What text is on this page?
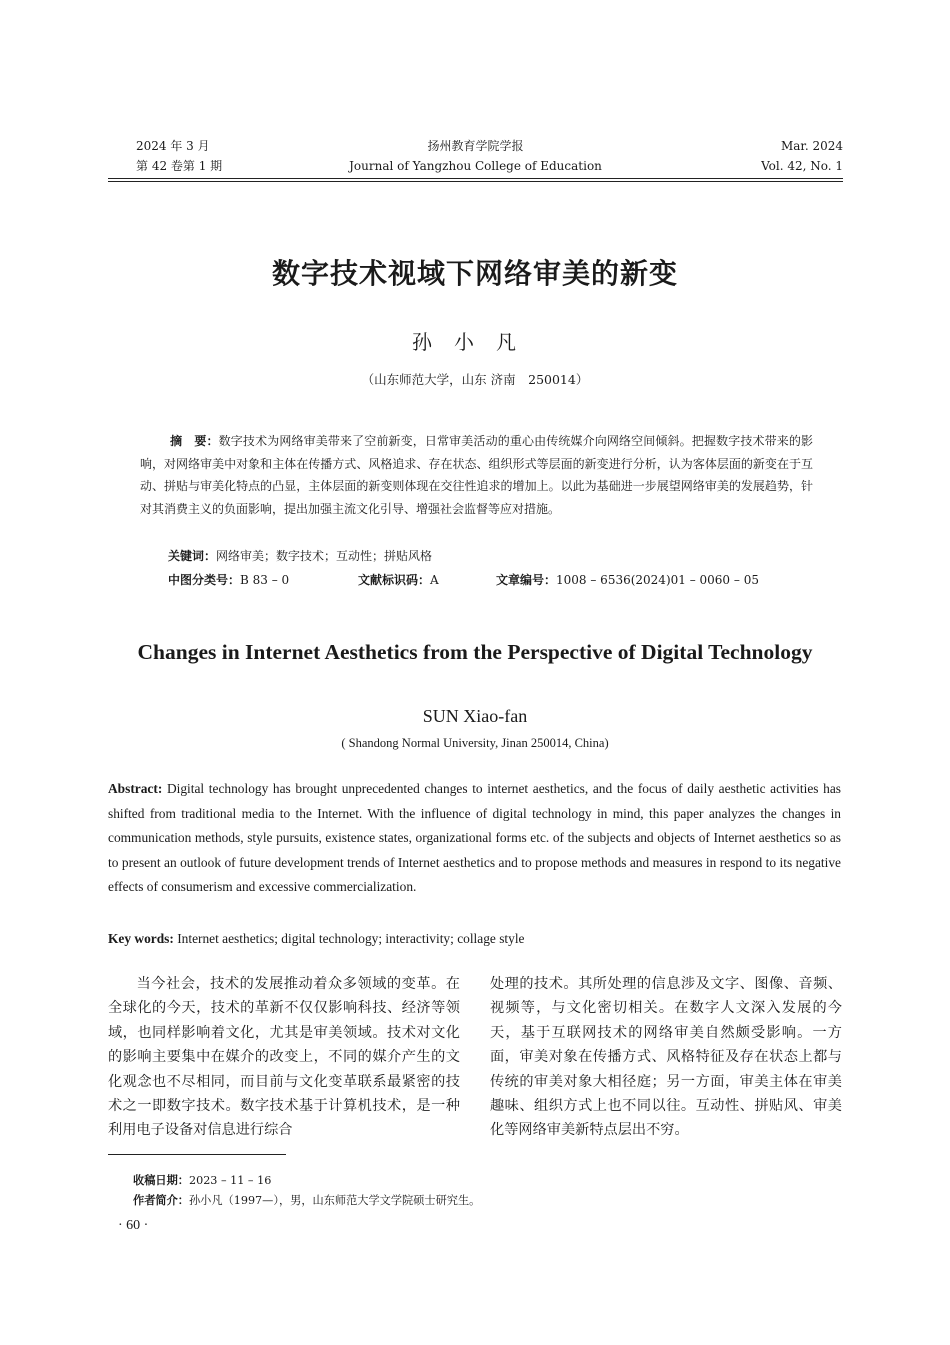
2024 年 3 月
第 42 卷第 1 期
扬州教育学院学报
Journal of Yangzhou College of Education
Mar. 2024
Vol. 42, No. 1
数字技术视域下网络审美的新变
孙小凡
（山东师范大学，山东 济南　250014）
摘　要：数字技术为网络审美带来了空前新变，日常审美活动的重心由传统媒介向网络空间倾斜。把握数字技术带来的影响，对网络审美中对象和主体在传播方式、风格追求、存在状态、组织形式等层面的新变进行分析，认为客体层面的新变在于互动、拼贴与审美化特点的凸显，主体层面的新变则体现在交往性追求的增加上。以此为基础进一步展望网络审美的发展趋势，针对其消费主义的负面影响，提出加强主流文化引导、增强社会监督等应对措施。
关键词：网络审美；数字技术；互动性；拼贴风格
中图分类号：B 83 – 0	文献标识码：A	文章编号：1008 – 6536(2024)01 – 0060 – 05
Changes in Internet Aesthetics from the Perspective of Digital Technology
SUN Xiao-fan
( Shandong Normal University, Jinan 250014, China)
Abstract: Digital technology has brought unprecedented changes to internet aesthetics, and the focus of daily aesthetic activities has shifted from traditional media to the Internet. With the influence of digital technology in mind, this paper analyzes the changes in communication methods, style pursuits, existence states, organizational forms etc. of the subjects and objects of Internet aesthetics so as to present an outlook of future development trends of Internet aesthetics and to propose methods and measures in respond to its negative effects of consumerism and excessive commercialization.
Key words: Internet aesthetics; digital technology; interactivity; collage style
当今社会，技术的发展推动着众多领域的变革。在全球化的今天，技术的革新不仅仅影响科技、经济等领域，也同样影响着文化，尤其是审美领域。技术对文化的影响主要集中在媒介的改变上，不同的媒介产生的文化观念也不尽相同，而目前与文化变革联系最紧密的技术之一即数字技术。数字技术基于计算机技术，是一种利用电子设备对信息进行综合
处理的技术。其所处理的信息涉及文字、图像、音频、视频等，与文化密切相关。在数字人文深入发展的今天，基于互联网技术的网络审美自然颇受影响。一方面，审美对象在传播方式、风格特征及存在状态上都与传统的审美对象大相径庭；另一方面，审美主体在审美趣味、组织方式上也不同以往。互动性、拼贴风、审美化等网络审美新特点层出不穷。
收稿日期：2023 – 11 – 16
作者简介：孙小凡（1997—），男，山东师范大学文学院硕士研究生。
· 60 ·
